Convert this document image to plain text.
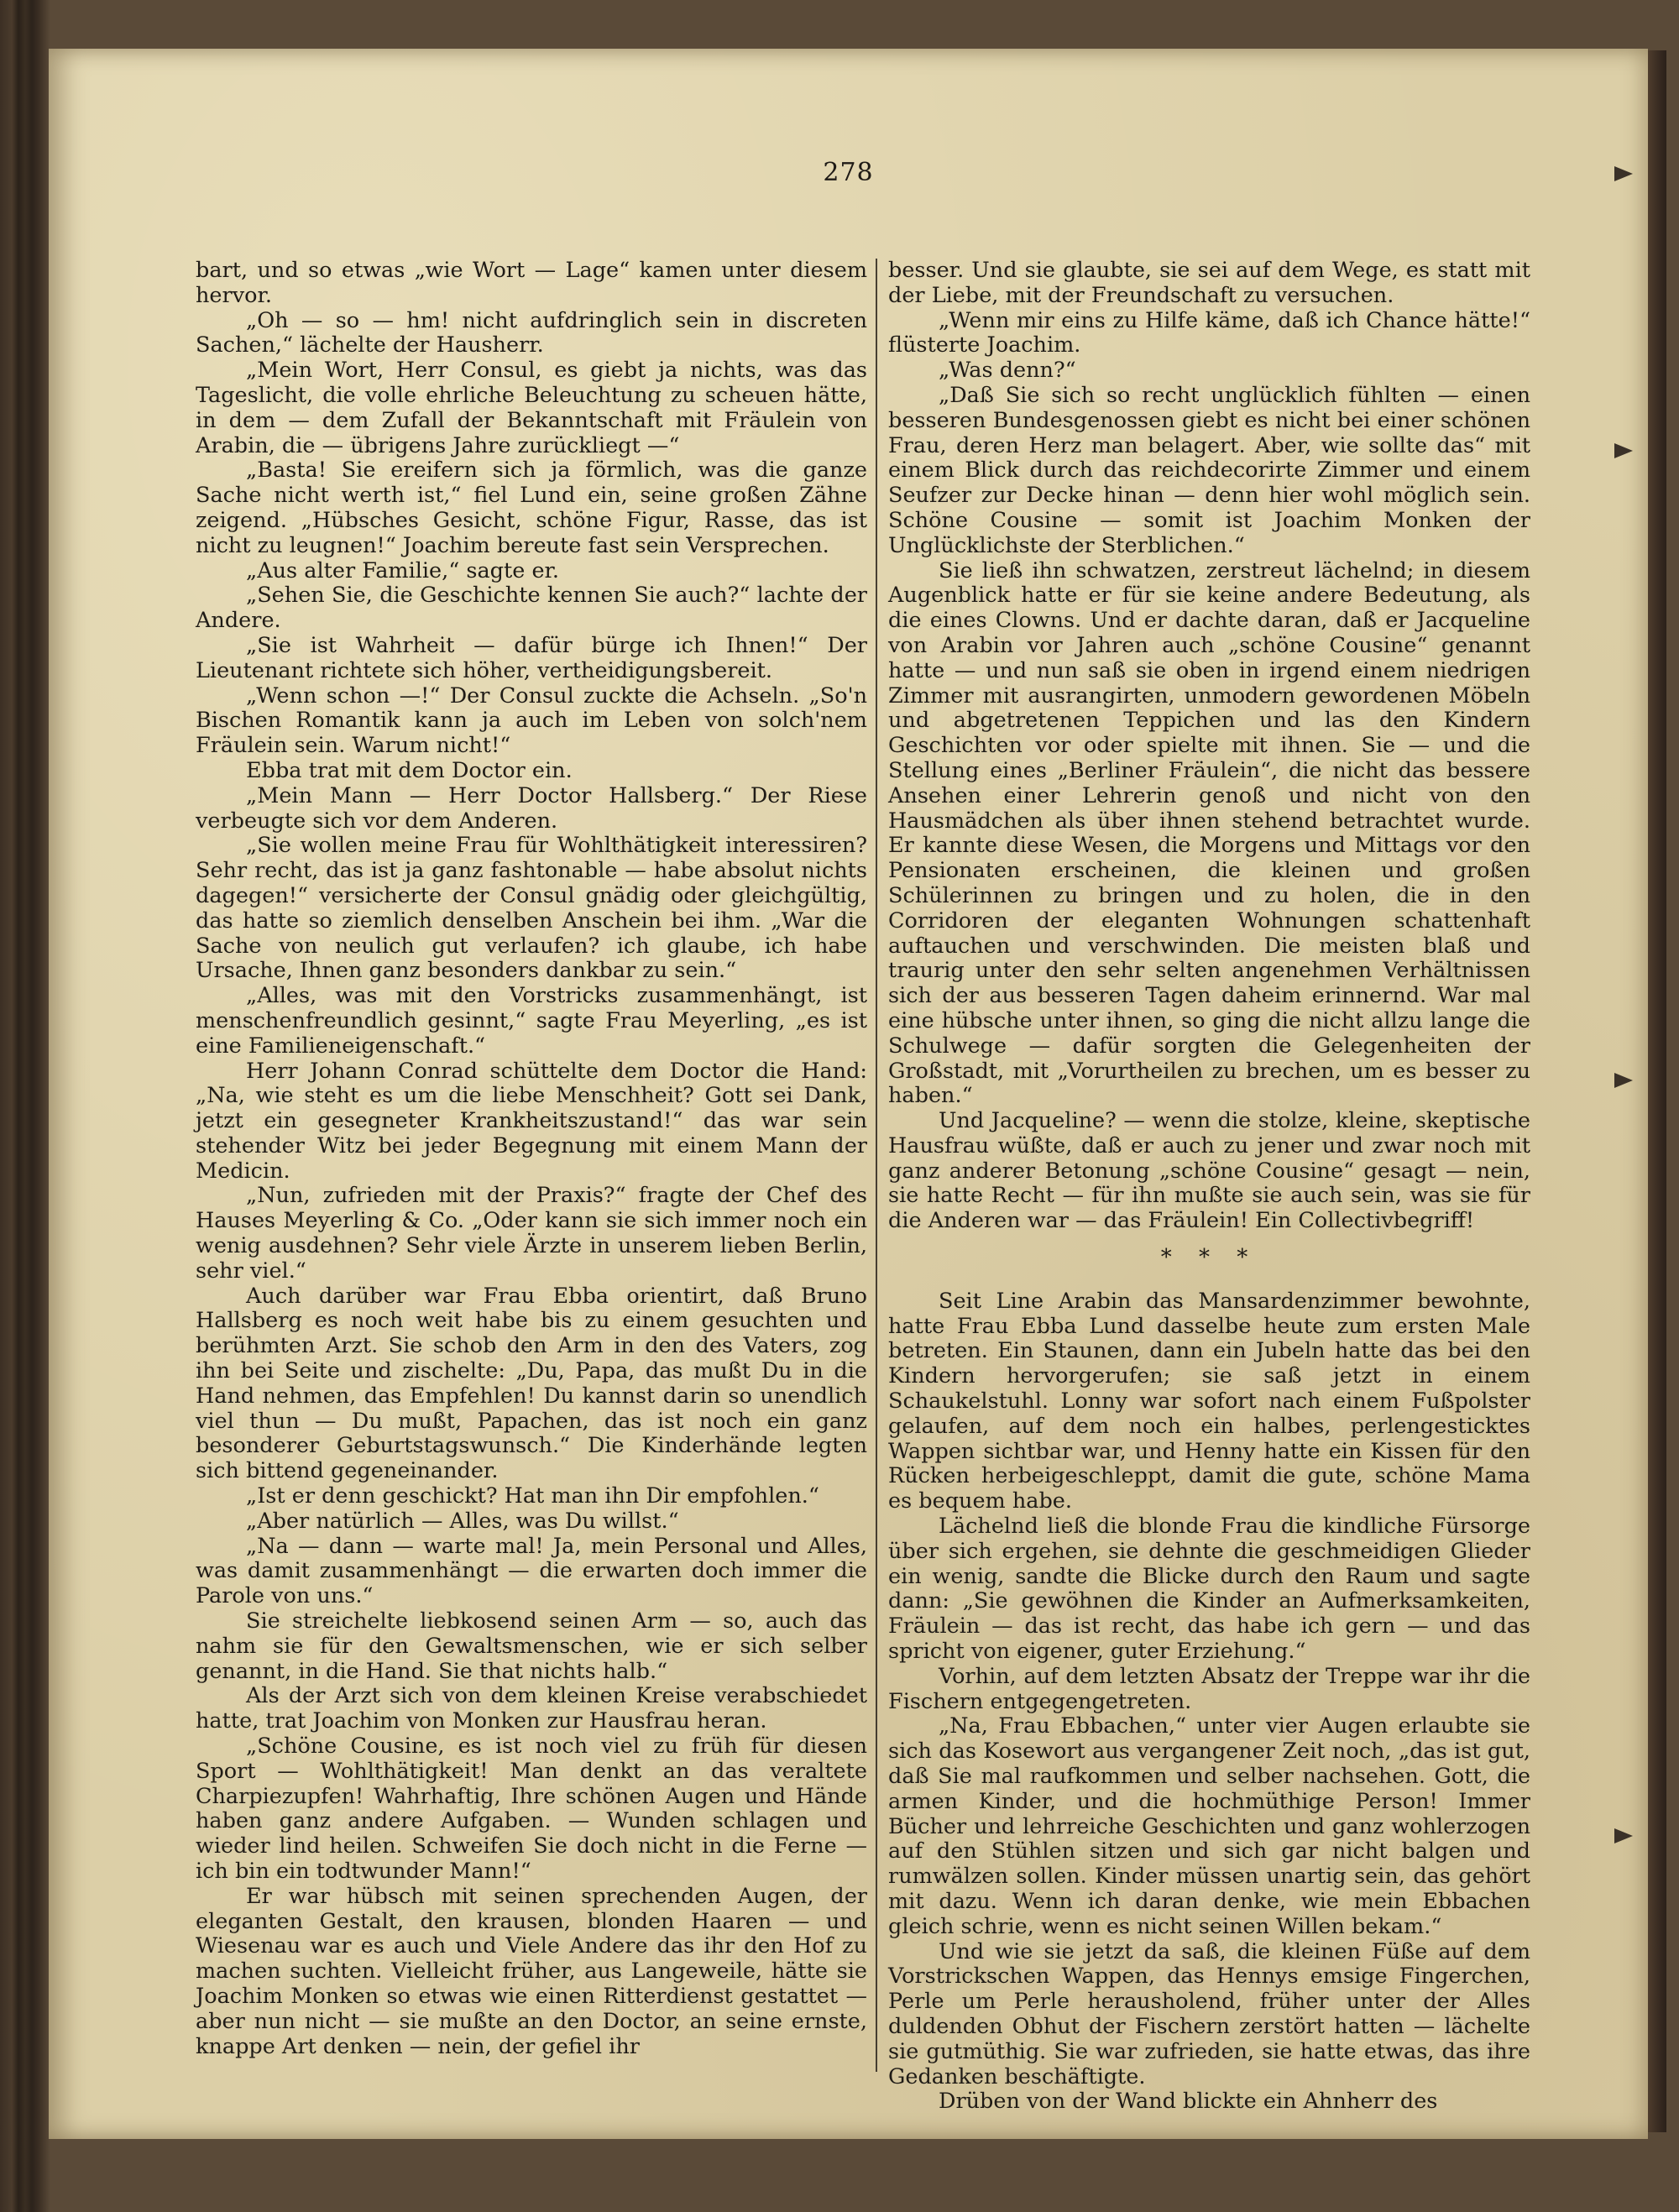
278

bart, und so etwas „wie Wort — Lage“ kamen unter diesem hervor.

„Oh — so — hm! nicht aufdringlich sein in discreten Sachen,“ lächelte der Hausherr.

„Mein Wort, Herr Consul, es giebt ja nichts, was das Tageslicht, die volle ehrliche Beleuchtung zu scheuen hätte, in dem — dem Zufall der Bekanntschaft mit Fräulein von Arabin, die — übrigens Jahre zurückliegt —“

„Basta! Sie ereifern sich ja förmlich, was die ganze Sache nicht werth ist,“ fiel Lund ein, seine großen Zähne zeigend. „Hübsches Gesicht, schöne Figur, Rasse, das ist nicht zu leugnen!“ Joachim bereute fast sein Versprechen.

„Aus alter Familie,“ sagte er.

„Sehen Sie, die Geschichte kennen Sie auch?“ lachte der Andere.

„Sie ist Wahrheit — dafür bürge ich Ihnen!“ Der Lieutenant richtete sich höher, vertheidigungsbereit.

„Wenn schon —!“ Der Consul zuckte die Achseln. „So'n Bischen Romantik kann ja auch im Leben von solch'nem Fräulein sein. Warum nicht!“

Ebba trat mit dem Doctor ein.

„Mein Mann — Herr Doctor Hallsberg.“ Der Riese verbeugte sich vor dem Anderen.

„Sie wollen meine Frau für Wohlthätigkeit interessiren? Sehr recht, das ist ja ganz fashtonable — habe absolut nichts dagegen!“ versicherte der Consul gnädig oder gleichgültig, das hatte so ziemlich denselben Anschein bei ihm. „War die Sache von neulich gut verlaufen? ich glaube, ich habe Ursache, Ihnen ganz besonders dankbar zu sein.“

„Alles, was mit den Vorstricks zusammenhängt, ist menschenfreundlich gesinnt,“ sagte Frau Meyerling, „es ist eine Familieneigenschaft.“

Herr Johann Conrad schüttelte dem Doctor die Hand: „Na, wie steht es um die liebe Menschheit? Gott sei Dank, jetzt ein gesegneter Krankheitszustand!“ das war sein stehender Witz bei jeder Begegnung mit einem Mann der Medicin.

„Nun, zufrieden mit der Praxis?“ fragte der Chef des Hauses Meyerling & Co. „Oder kann sie sich immer noch ein wenig ausdehnen? Sehr viele Ärzte in unserem lieben Berlin, sehr viel.“

Auch darüber war Frau Ebba orientirt, daß Bruno Hallsberg es noch weit habe bis zu einem gesuchten und berühmten Arzt. Sie schob den Arm in den des Vaters, zog ihn bei Seite und zischelte: „Du, Papa, das mußt Du in die Hand nehmen, das Empfehlen! Du kannst darin so unendlich viel thun — Du mußt, Papachen, das ist noch ein ganz besonderer Geburtstagswunsch.“ Die Kinderhände legten sich bittend gegeneinander.

„Ist er denn geschickt? Hat man ihn Dir empfohlen.“

„Aber natürlich — Alles, was Du willst.“

„Na — dann — warte mal! Ja, mein Personal und Alles, was damit zusammenhängt — die erwarten doch immer die Parole von uns.“

Sie streichelte liebkosend seinen Arm — so, auch das nahm sie für den Gewaltsmenschen, wie er sich selber genannt, in die Hand. Sie that nichts halb.“

Als der Arzt sich von dem kleinen Kreise verabschiedet hatte, trat Joachim von Monken zur Hausfrau heran.

„Schöne Cousine, es ist noch viel zu früh für diesen Sport — Wohlthätigkeit! Man denkt an das veraltete Charpiezupfen! Wahrhaftig, Ihre schönen Augen und Hände haben ganz andere Aufgaben. — Wunden schlagen und wieder lind heilen. Schweifen Sie doch nicht in die Ferne — ich bin ein todtwunder Mann!“

Er war hübsch mit seinen sprechenden Augen, der eleganten Gestalt, den krausen, blonden Haaren — und Wiesenau war es auch und Viele Andere das ihr den Hof zu machen suchten. Vielleicht früher, aus Langeweile, hätte sie Joachim Monken so etwas wie einen Ritterdienst gestattet — aber nun nicht — sie mußte an den Doctor, an seine ernste, knappe Art denken — nein, der gefiel ihr

besser. Und sie glaubte, sie sei auf dem Wege, es statt mit der Liebe, mit der Freundschaft zu versuchen.

„Wenn mir eins zu Hilfe käme, daß ich Chance hätte!“ flüsterte Joachim.

„Was denn?“

„Daß Sie sich so recht unglücklich fühlten — einen besseren Bundesgenossen giebt es nicht bei einer schönen Frau, deren Herz man belagert. Aber, wie sollte das“ mit einem Blick durch das reichdecorirte Zimmer und einem Seufzer zur Decke hinan — denn hier wohl möglich sein. Schöne Cousine — somit ist Joachim Monken der Unglücklichste der Sterblichen.“

Sie ließ ihn schwatzen, zerstreut lächelnd; in diesem Augenblick hatte er für sie keine andere Bedeutung, als die eines Clowns. Und er dachte daran, daß er Jacqueline von Arabin vor Jahren auch „schöne Cousine“ genannt hatte — und nun saß sie oben in irgend einem niedrigen Zimmer mit ausrangirten, unmodern gewordenen Möbeln und abgetretenen Teppichen und las den Kindern Geschichten vor oder spielte mit ihnen. Sie — und die Stellung eines „Berliner Fräulein“, die nicht das bessere Ansehen einer Lehrerin genoß und nicht von den Hausmädchen als über ihnen stehend betrachtet wurde. Er kannte diese Wesen, die Morgens und Mittags vor den Pensionaten erscheinen, die kleinen und großen Schülerinnen zu bringen und zu holen, die in den Corridoren der eleganten Wohnungen schattenhaft auftauchen und verschwinden. Die meisten blaß und traurig unter den sehr selten angenehmen Verhältnissen sich der aus besseren Tagen daheim erinnernd. War mal eine hübsche unter ihnen, so ging die nicht allzu lange die Schulwege — dafür sorgten die Gelegenheiten der Großstadt, mit „Vorurtheilen zu brechen, um es besser zu haben.“

Und Jacqueline? — wenn die stolze, kleine, skeptische Hausfrau wüßte, daß er auch zu jener und zwar noch mit ganz anderer Betonung „schöne Cousine“ gesagt — nein, sie hatte Recht — für ihn mußte sie auch sein, was sie für die Anderen war — das Fräulein! Ein Collectivbegriff!

* * *

Seit Line Arabin das Mansardenzimmer bewohnte, hatte Frau Ebba Lund dasselbe heute zum ersten Male betreten. Ein Staunen, dann ein Jubeln hatte das bei den Kindern hervorgerufen; sie saß jetzt in einem Schaukelstuhl. Lonny war sofort nach einem Fußpolster gelaufen, auf dem noch ein halbes, perlengesticktes Wappen sichtbar war, und Henny hatte ein Kissen für den Rücken herbeigeschleppt, damit die gute, schöne Mama es bequem habe.

Lächelnd ließ die blonde Frau die kindliche Fürsorge über sich ergehen, sie dehnte die geschmeidigen Glieder ein wenig, sandte die Blicke durch den Raum und sagte dann: „Sie gewöhnen die Kinder an Aufmerksamkeiten, Fräulein — das ist recht, das habe ich gern — und das spricht von eigener, guter Erziehung.“

Vorhin, auf dem letzten Absatz der Treppe war ihr die Fischern entgegengetreten.

„Na, Frau Ebbachen,“ unter vier Augen erlaubte sie sich das Kosewort aus vergangener Zeit noch, „das ist gut, daß Sie mal raufkommen und selber nachsehen. Gott, die armen Kinder, und die hochmüthige Person! Immer Bücher und lehrreiche Geschichten und ganz wohlerzogen auf den Stühlen sitzen und sich gar nicht balgen und rumwälzen sollen. Kinder müssen unartig sein, das gehört mit dazu. Wenn ich daran denke, wie mein Ebbachen gleich schrie, wenn es nicht seinen Willen bekam.“

Und wie sie jetzt da saß, die kleinen Füße auf dem Vorstrickschen Wappen, das Hennys emsige Fingerchen, Perle um Perle herausholend, früher unter der Alles duldenden Obhut der Fischern zerstört hatten — lächelte sie gutmüthig. Sie war zufrieden, sie hatte etwas, das ihre Gedanken beschäftigte.

Drüben von der Wand blickte ein Ahnherr des
